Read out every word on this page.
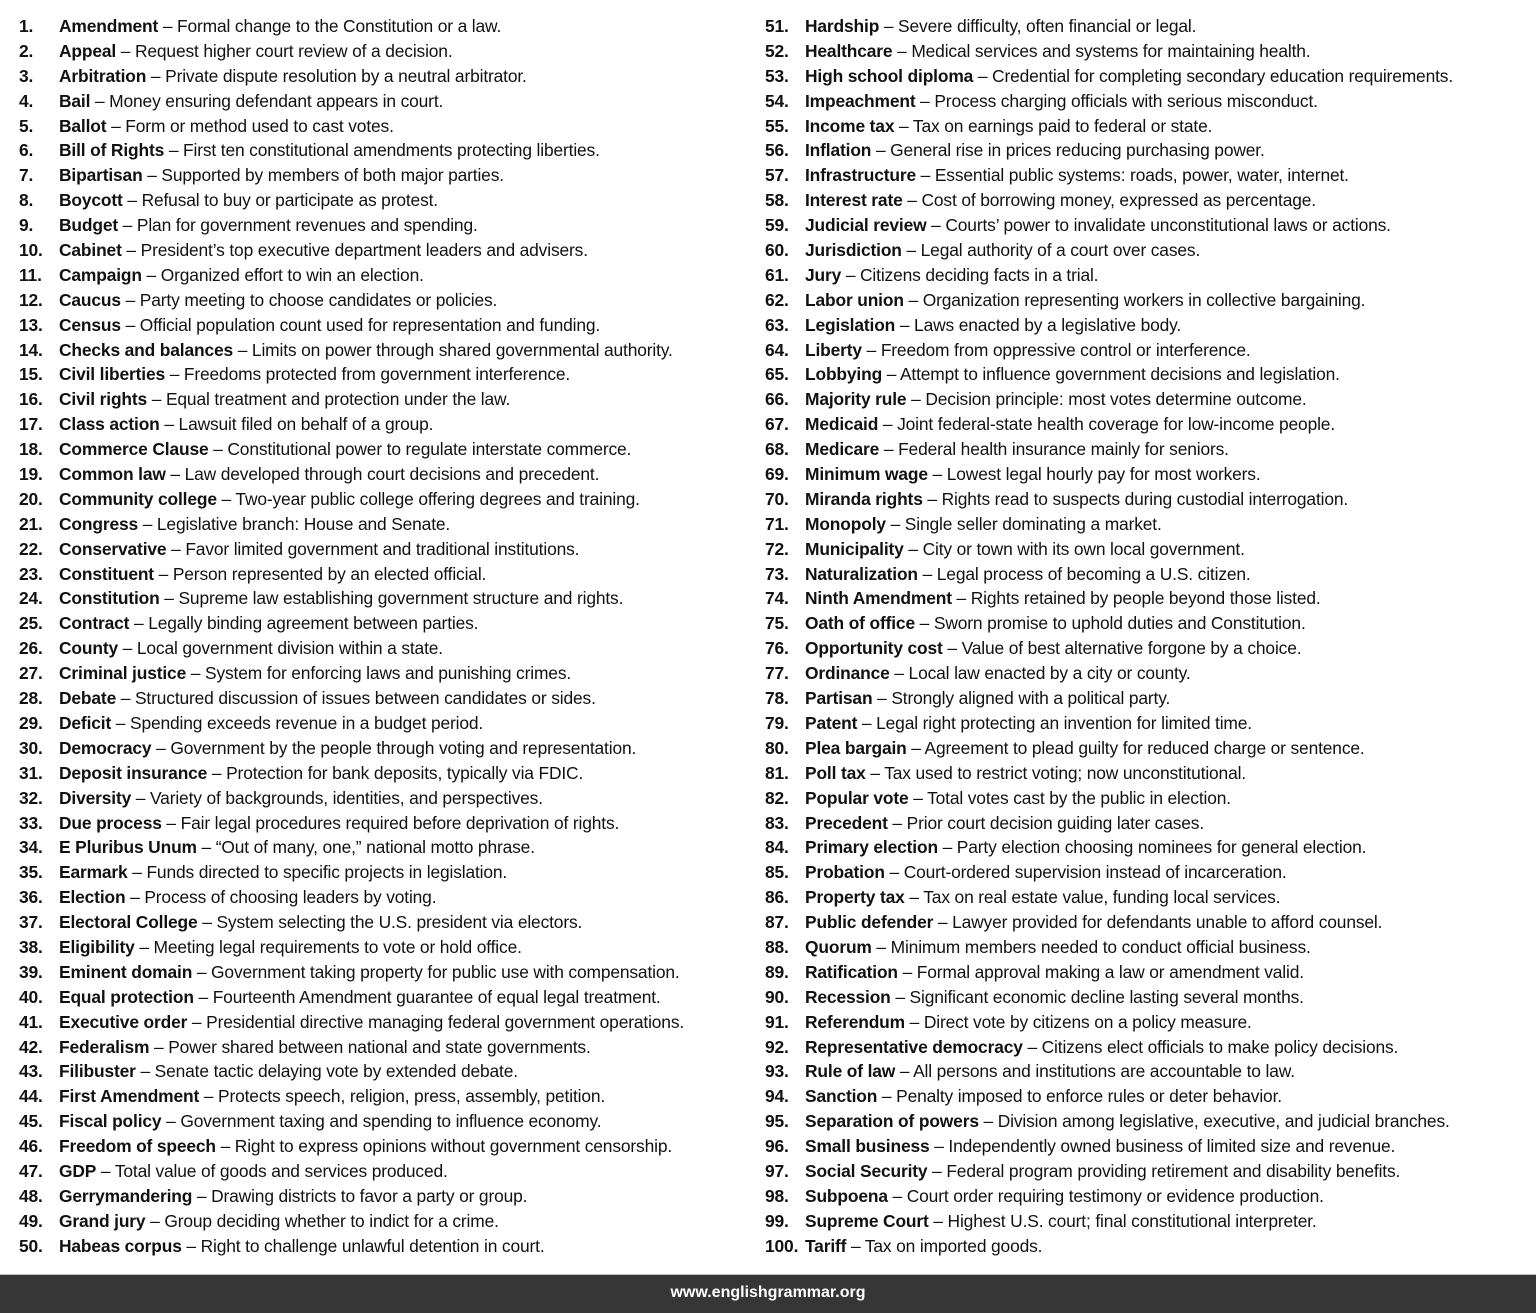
1. Amendment – Formal change to the Constitution or a law.
2. Appeal – Request higher court review of a decision.
3. Arbitration – Private dispute resolution by a neutral arbitrator.
4. Bail – Money ensuring defendant appears in court.
5. Ballot – Form or method used to cast votes.
6. Bill of Rights – First ten constitutional amendments protecting liberties.
7. Bipartisan – Supported by members of both major parties.
8. Boycott – Refusal to buy or participate as protest.
9. Budget – Plan for government revenues and spending.
10. Cabinet – President’s top executive department leaders and advisers.
11. Campaign – Organized effort to win an election.
12. Caucus – Party meeting to choose candidates or policies.
13. Census – Official population count used for representation and funding.
14. Checks and balances – Limits on power through shared governmental authority.
15. Civil liberties – Freedoms protected from government interference.
16. Civil rights – Equal treatment and protection under the law.
17. Class action – Lawsuit filed on behalf of a group.
18. Commerce Clause – Constitutional power to regulate interstate commerce.
19. Common law – Law developed through court decisions and precedent.
20. Community college – Two-year public college offering degrees and training.
21. Congress – Legislative branch: House and Senate.
22. Conservative – Favor limited government and traditional institutions.
23. Constituent – Person represented by an elected official.
24. Constitution – Supreme law establishing government structure and rights.
25. Contract – Legally binding agreement between parties.
26. County – Local government division within a state.
27. Criminal justice – System for enforcing laws and punishing crimes.
28. Debate – Structured discussion of issues between candidates or sides.
29. Deficit – Spending exceeds revenue in a budget period.
30. Democracy – Government by the people through voting and representation.
31. Deposit insurance – Protection for bank deposits, typically via FDIC.
32. Diversity – Variety of backgrounds, identities, and perspectives.
33. Due process – Fair legal procedures required before deprivation of rights.
34. E Pluribus Unum – “Out of many, one,” national motto phrase.
35. Earmark – Funds directed to specific projects in legislation.
36. Election – Process of choosing leaders by voting.
37. Electoral College – System selecting the U.S. president via electors.
38. Eligibility – Meeting legal requirements to vote or hold office.
39. Eminent domain – Government taking property for public use with compensation.
40. Equal protection – Fourteenth Amendment guarantee of equal legal treatment.
41. Executive order – Presidential directive managing federal government operations.
42. Federalism – Power shared between national and state governments.
43. Filibuster – Senate tactic delaying vote by extended debate.
44. First Amendment – Protects speech, religion, press, assembly, petition.
45. Fiscal policy – Government taxing and spending to influence economy.
46. Freedom of speech – Right to express opinions without government censorship.
47. GDP – Total value of goods and services produced.
48. Gerrymandering – Drawing districts to favor a party or group.
49. Grand jury – Group deciding whether to indict for a crime.
50. Habeas corpus – Right to challenge unlawful detention in court.
51. Hardship – Severe difficulty, often financial or legal.
52. Healthcare – Medical services and systems for maintaining health.
53. High school diploma – Credential for completing secondary education requirements.
54. Impeachment – Process charging officials with serious misconduct.
55. Income tax – Tax on earnings paid to federal or state.
56. Inflation – General rise in prices reducing purchasing power.
57. Infrastructure – Essential public systems: roads, power, water, internet.
58. Interest rate – Cost of borrowing money, expressed as percentage.
59. Judicial review – Courts’ power to invalidate unconstitutional laws or actions.
60. Jurisdiction – Legal authority of a court over cases.
61. Jury – Citizens deciding facts in a trial.
62. Labor union – Organization representing workers in collective bargaining.
63. Legislation – Laws enacted by a legislative body.
64. Liberty – Freedom from oppressive control or interference.
65. Lobbying – Attempt to influence government decisions and legislation.
66. Majority rule – Decision principle: most votes determine outcome.
67. Medicaid – Joint federal-state health coverage for low-income people.
68. Medicare – Federal health insurance mainly for seniors.
69. Minimum wage – Lowest legal hourly pay for most workers.
70. Miranda rights – Rights read to suspects during custodial interrogation.
71. Monopoly – Single seller dominating a market.
72. Municipality – City or town with its own local government.
73. Naturalization – Legal process of becoming a U.S. citizen.
74. Ninth Amendment – Rights retained by people beyond those listed.
75. Oath of office – Sworn promise to uphold duties and Constitution.
76. Opportunity cost – Value of best alternative forgone by a choice.
77. Ordinance – Local law enacted by a city or county.
78. Partisan – Strongly aligned with a political party.
79. Patent – Legal right protecting an invention for limited time.
80. Plea bargain – Agreement to plead guilty for reduced charge or sentence.
81. Poll tax – Tax used to restrict voting; now unconstitutional.
82. Popular vote – Total votes cast by the public in election.
83. Precedent – Prior court decision guiding later cases.
84. Primary election – Party election choosing nominees for general election.
85. Probation – Court-ordered supervision instead of incarceration.
86. Property tax – Tax on real estate value, funding local services.
87. Public defender – Lawyer provided for defendants unable to afford counsel.
88. Quorum – Minimum members needed to conduct official business.
89. Ratification – Formal approval making a law or amendment valid.
90. Recession – Significant economic decline lasting several months.
91. Referendum – Direct vote by citizens on a policy measure.
92. Representative democracy – Citizens elect officials to make policy decisions.
93. Rule of law – All persons and institutions are accountable to law.
94. Sanction – Penalty imposed to enforce rules or deter behavior.
95. Separation of powers – Division among legislative, executive, and judicial branches.
96. Small business – Independently owned business of limited size and revenue.
97. Social Security – Federal program providing retirement and disability benefits.
98. Subpoena – Court order requiring testimony or evidence production.
99. Supreme Court – Highest U.S. court; final constitutional interpreter.
100. Tariff – Tax on imported goods.
www.englishgrammar.org
